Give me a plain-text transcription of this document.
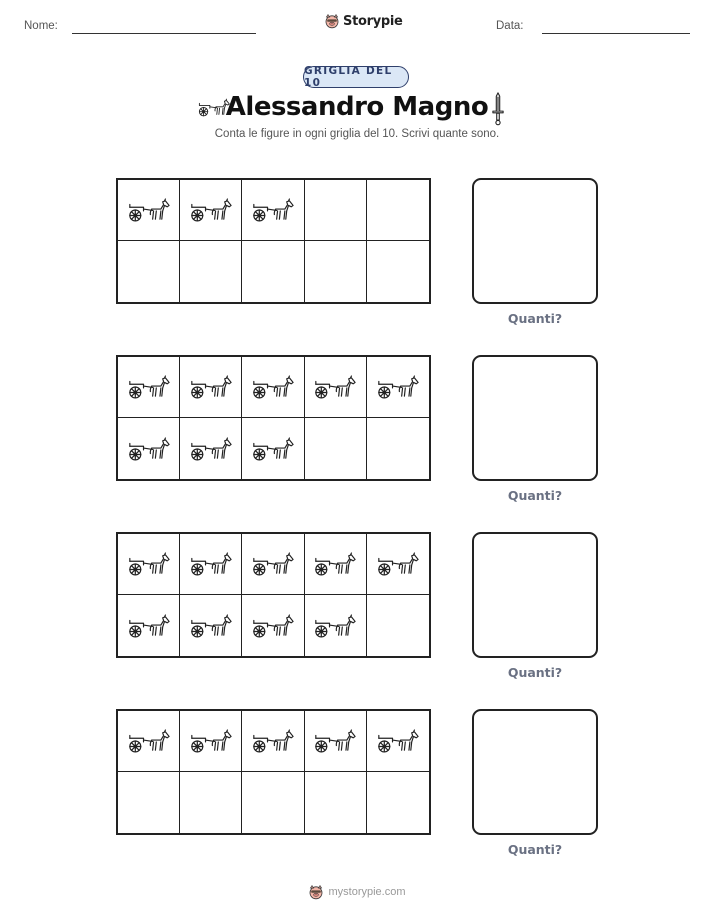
Nome:	Storypie	Data:
GRIGLIA DEL 10
Alessandro Magno
Conta le figure in ogni griglia del 10. Scrivi quante sono.
Quanti?
Quanti?
Quanti?
Quanti?
mystorypie.com
